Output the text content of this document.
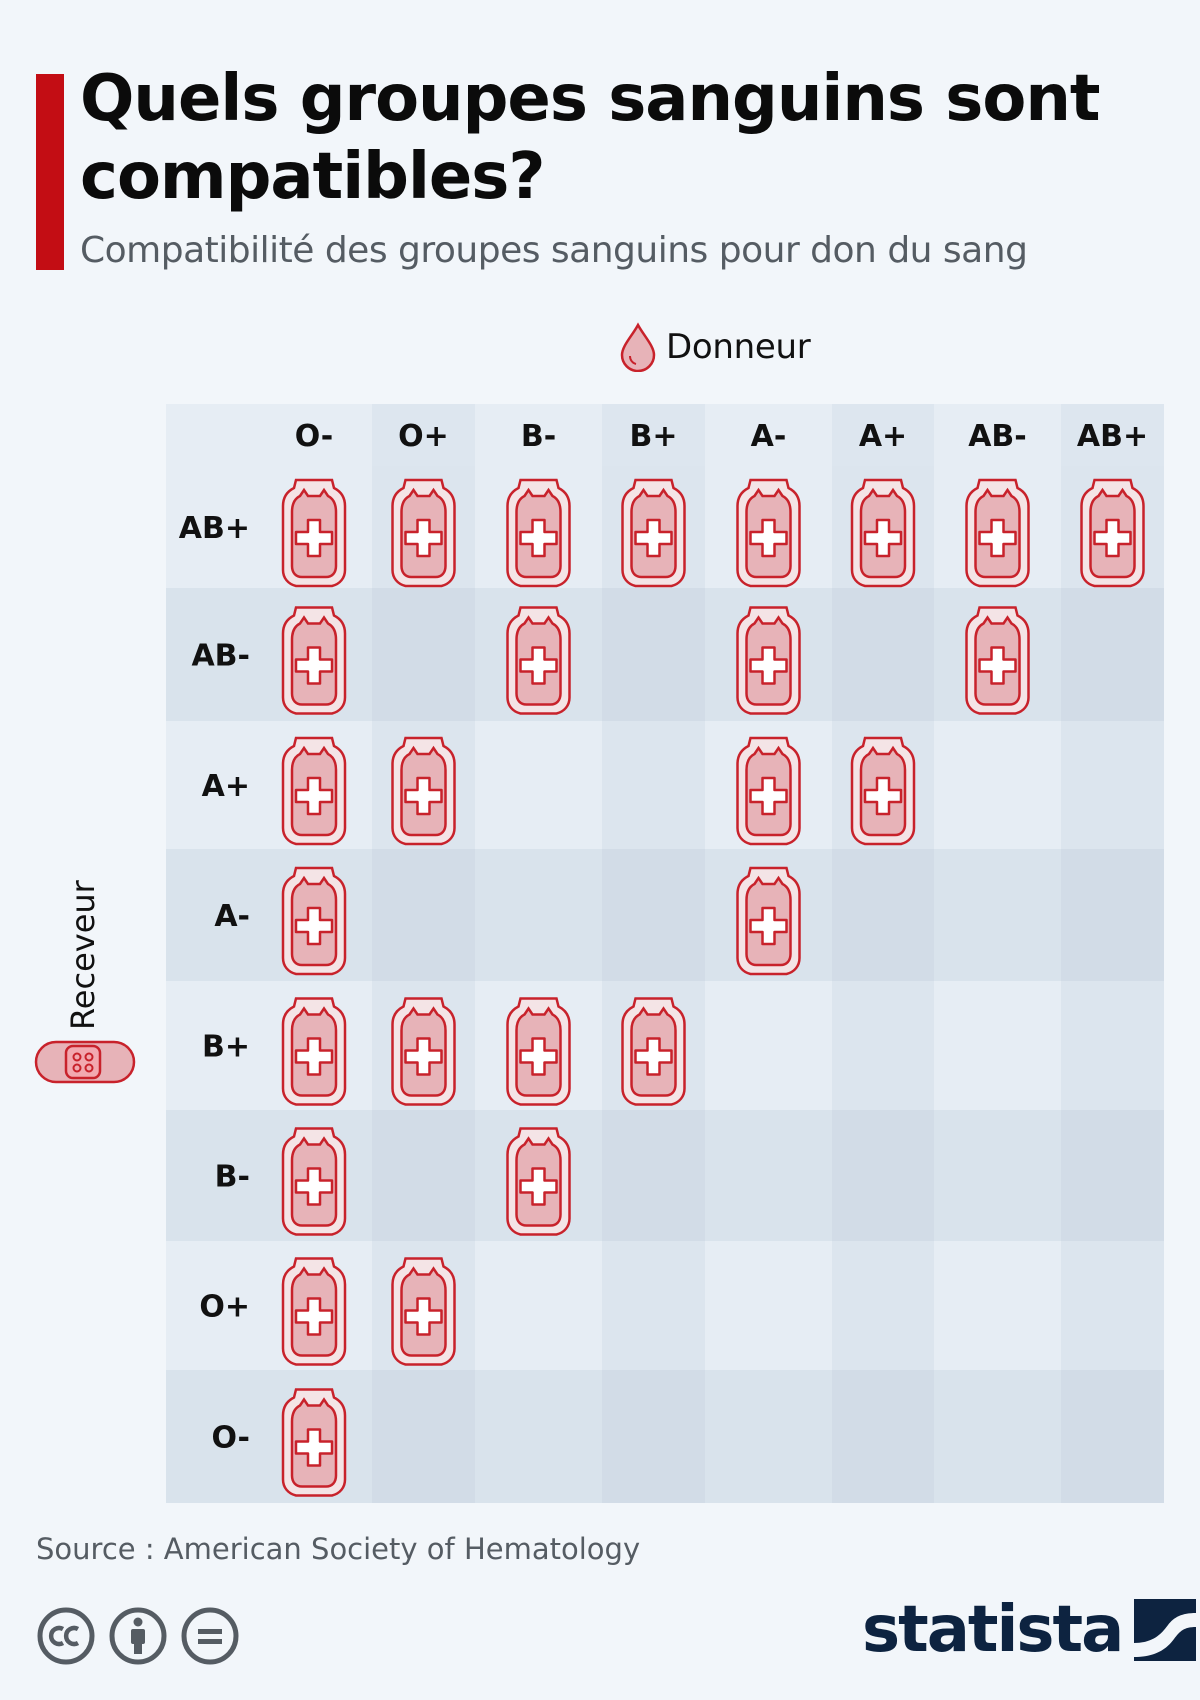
Quels groupes sanguins sont compatibles?
Compatibilité des groupes sanguins pour don du sang
Donneur
O- O+ B- B+ A- A+ AB- AB+
AB+
AB-
A+
A-
B+
B-
O+
O-
Receveur
Source : American Society of Hematology
statista
